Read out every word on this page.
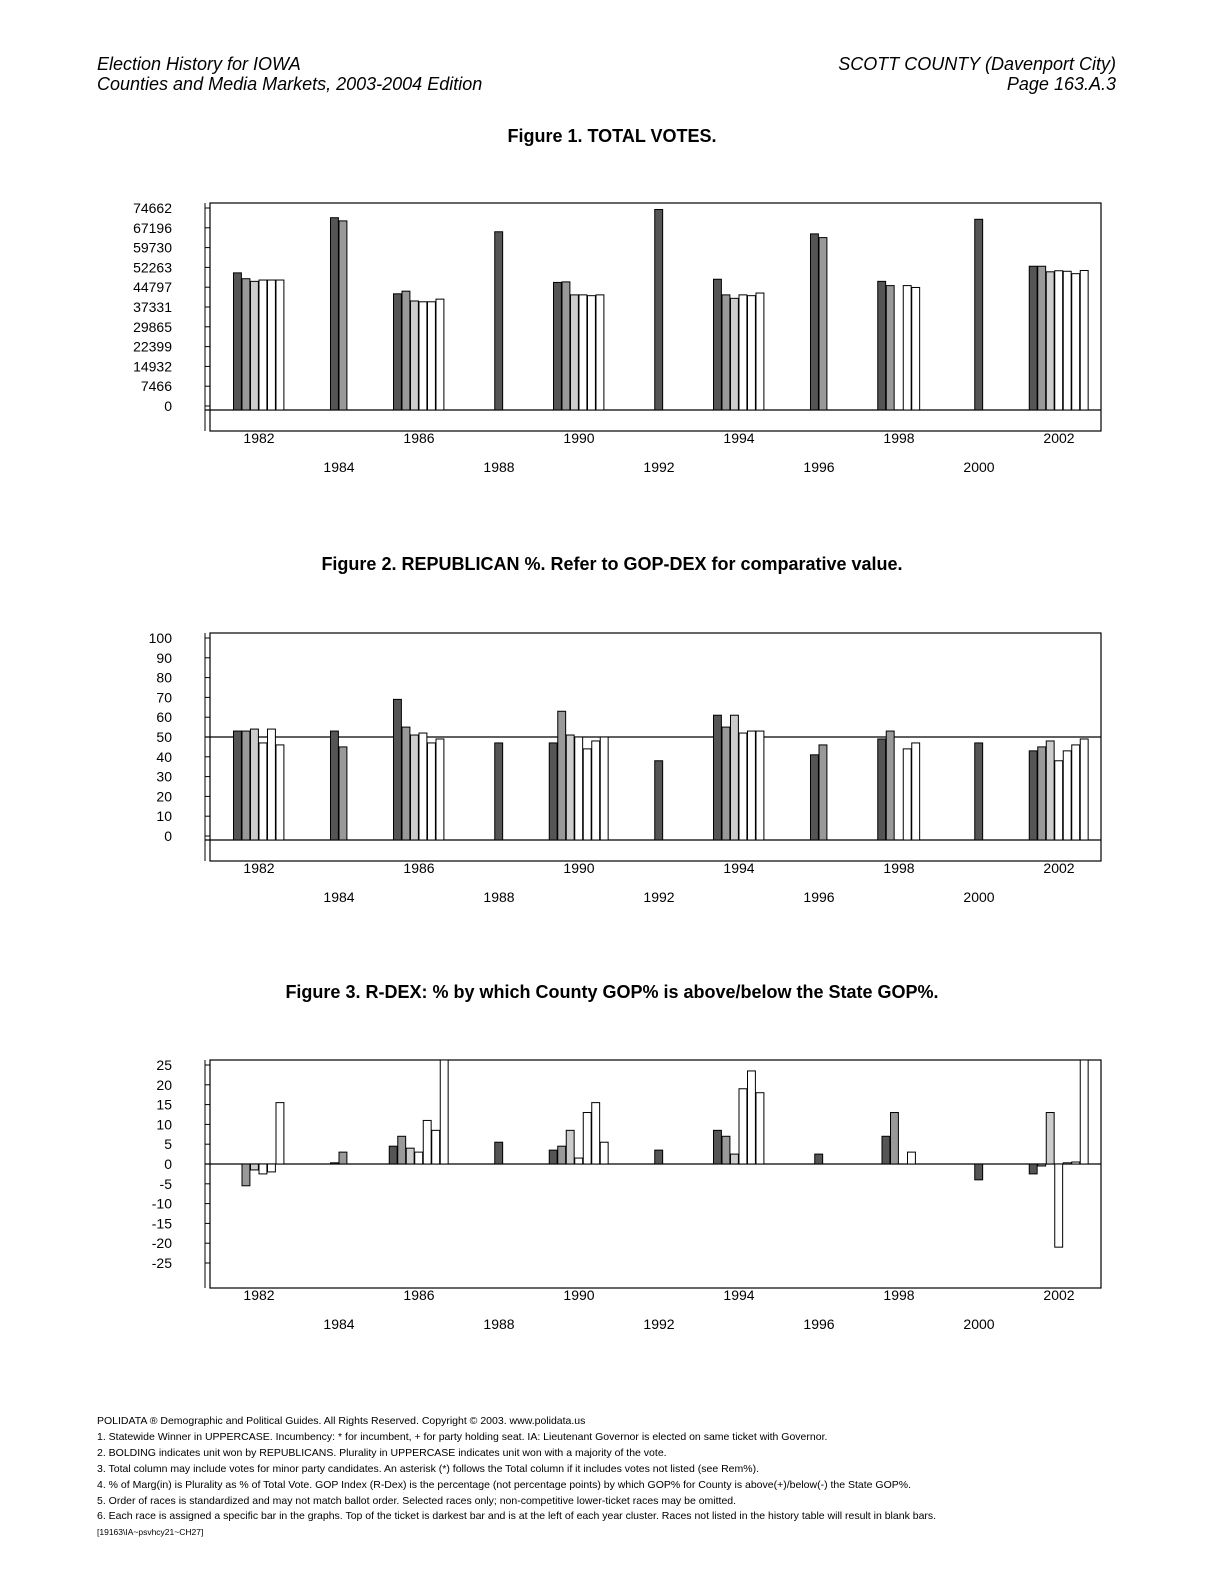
Election History for IOWA
Counties and Media Markets, 2003-2004 Edition
SCOTT COUNTY (Davenport City)
Page 163.A.3
Figure 1. TOTAL VOTES.
74662
67196
59730
52263
44797
37331
29865
22399
14932
7466
0
1982	1986	1990	1994	1998	2002
1984	1988	1992	1996	2000
Figure 2. REPUBLICAN %. Refer to GOP-DEX for comparative value.
100
90
80
70
60
50
40
30
20
10
0
1982	1986	1990	1994	1998	2002
1984	1988	1992	1996	2000
Figure 3. R-DEX: % by which County GOP% is above/below the State GOP%.
25
20
15
10
5
0
-5
-10
-15
-20
-25
1982	1986	1990	1994	1998	2002
1984	1988	1992	1996	2000
POLIDATA ® Demographic and Political Guides. All Rights Reserved. Copyright © 2003. www.polidata.us
1. Statewide Winner in UPPERCASE. Incumbency: * for incumbent, + for party holding seat. IA: Lieutenant Governor is elected on same ticket with Governor.
2. BOLDING indicates unit won by REPUBLICANS. Plurality in UPPERCASE indicates unit won with a majority of the vote.
3. Total column may include votes for minor party candidates. An asterisk (*) follows the Total column if it includes votes not listed (see Rem%).
4. % of Marg(in) is Plurality as % of Total Vote. GOP Index (R-Dex) is the percentage (not percentage points) by which GOP% for County is above(+)/below(-) the State GOP%.
5. Order of races is standardized and may not match ballot order. Selected races only; non-competitive lower-ticket races may be omitted.
6. Each race is assigned a specific bar in the graphs. Top of the ticket is darkest bar and is at the left of each year cluster. Races not listed in the history table will result in blank bars.
[19163\IA~psvhcy21~CH27]
